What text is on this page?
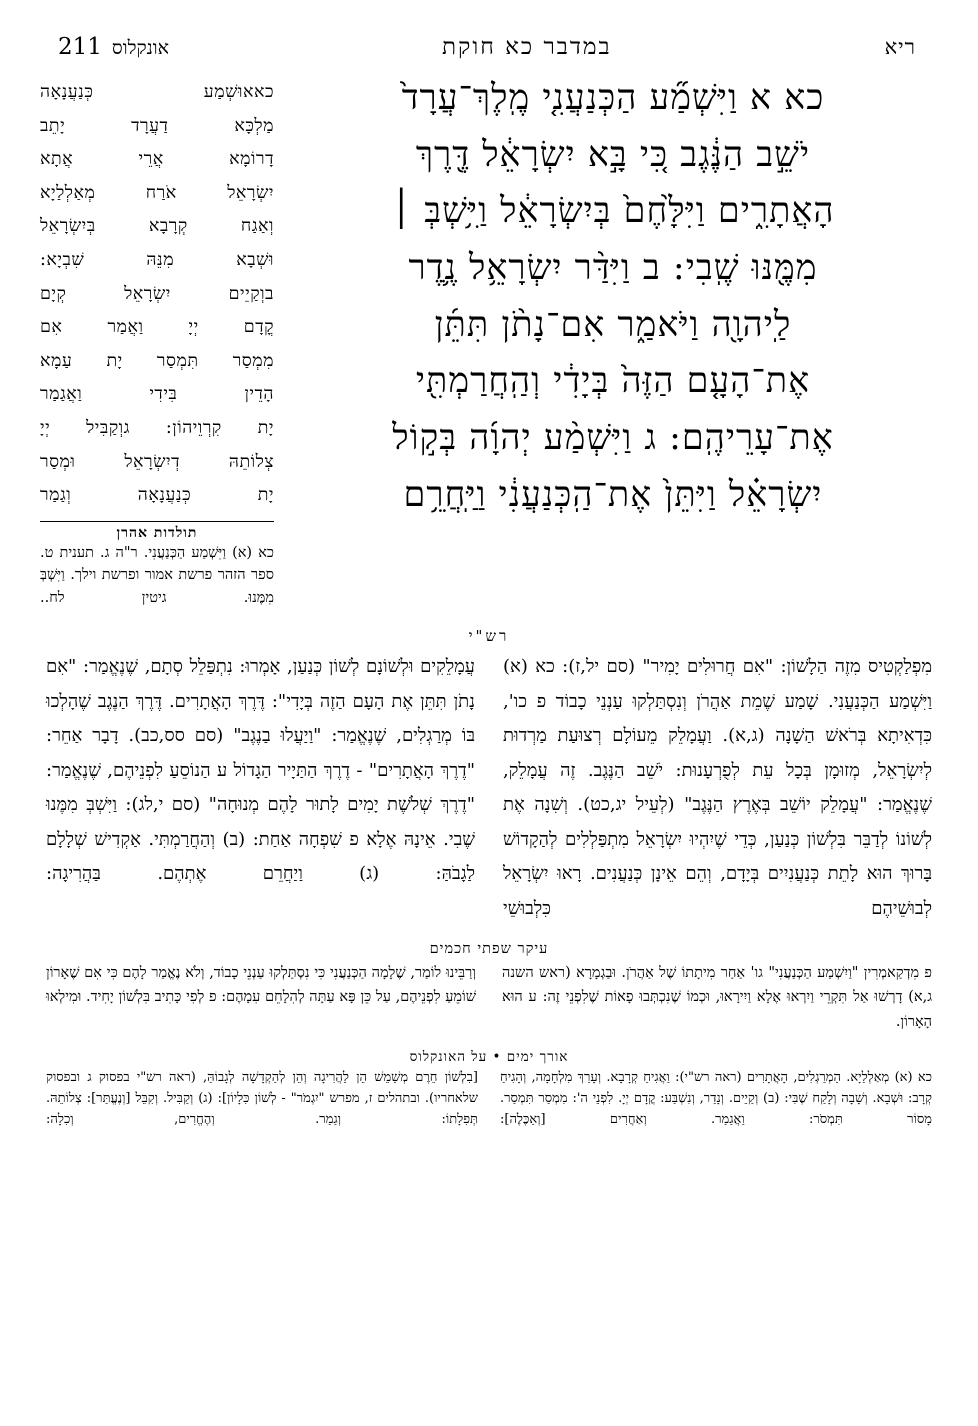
ריא
במדבר כא חוקת
אונקלוס
211
כא א וַיִּשְׁמַ֞ע הַכְּנַעֲנִ֤י מֶֽלֶךְ־עֲרָד֙
יֹשֵׁ֣ב הַנֶּ֔גֶב כִּ֚י בָּ֣א יִשְׂרָאֵ֔ל דֶּ֖רֶךְ
הָאֲתָרִ֑ים וַיִּלָּ֙חֶם֙ בְּיִשְׂרָאֵ֔ל וַיִּ֥שְׁבְּ ׀
מִמֶּ֖נּוּ שֶֽׁבִי: ב וַיִּדַּ֨ר יִשְׂרָאֵ֥ל נֶ֛דֶר
לַֽיהוָ֖ה וַיֹּאמַ֑ר אִם־נָתֹ֨ן תִּתֵּ֜ן
אֶת־הָעָ֤ם הַזֶּה֙ בְּיָדִ֔י וְהַֽחֲרַמְתִּ֖י
אֶת־עָרֵיהֶֽם: ג וַיִּשְׁמַ֨ע יְהוָ֜ה בְּק֣וֹל
יִשְׂרָאֵ֗ל וַיִּתֵּן֙ אֶת־הַֽכְּנַעֲנִ֔י וַיַּֽחֲרֵ֥ם
כאאוּשְׁמַע כְּנַעֲנָאָה
מַלְכָּא דַעֲרָד יָתֵב
דָרוֹמָא אֲרֵי אֲתָא
יִשְׂרָאֵל אֹרַח מְאַלְלַיָא
וְאַגַח קְרָבָא בְּיִשְׂרָאֵל
וּשְׁבָא מִנֵּהּ שִׁבְיָא:
בוְקַיֵים יִשְׂרָאֵל קְיָם
קֳדָם יְיָ וַאֲמַר אִם
מִמְסַר תִּמְסַר יָת עַמָא
הָדֵין בִּידִי וַאֲגַמַר
יָת קִרְוֵיהוֹן: גוְקַבִּיל יְיָ
צְלוֹתֵהּ דְיִשְׂרָאֵל וּמְסַר
יָת כְּנַעֲנָאָה וְגַמַר
תולדות אהרן
כא (א) וַיִּשְׁמַע הַכְּנַעֲנִי. ר"ה ג. תענית ט. ספר הזהר פרשת אמור ופרשת וילך. וַיִּשְׁבְּ מִמֶּנוּ. גיטין לח..
רש"י
מִפְלַקְטִיס מִזֶה הַלָשׁוֹן: "אִם חֲרוּלִים יָמִיר" (סם יל,ז): כא (א) וַיִּשְׁמַע הַכְּנַעֲנִי. שָׁמַע שֶׁמֵת אַהֲרֹן וְנִסְתַּלְקוּ עַנְנֵי כָבוֹד פ כו', כִּדְאִיתָא בְּרֹאשׁ הַשָׁנָה (ג,א). וַעֲמָלֵק מֵעוֹלָם רְצוּעַת מַרְדוּת לְיִשְׂרָאֵל, מְזוּמָן בְּכָל עֵת לְפֻרְעָנוּת: יֹשֵׁב הַנֶּגֶב. זֶה עֲמָלֵק, שֶׁנֶאֱמַר: "עֲמָלֵק יוֹשֵׁב בְּאֶרֶץ הַנֶּגֶב" (לְעֵיל יג,כט). וְשִׁנָה אֶת לְשׁוֹנוֹ לְדַבֵּר בִּלְשׁוֹן כְּנַעַן, כְּדֵי שֶׁיִהְיוּ יִשְׂרָאֵל מִתְפַּלְלִים לְהַקָדוֹשׁ בָּרוּךְ הוּא לָתֵת כְּנַעֲנִיִים בְּיָדָם, וְהֵם אֵינָן כְּנַעֲנִים. רָאוּ יִשְׂרָאֵל לְבוּשֵׁיהֶם כִּלְבוּשֵׁי
עֲמָלֵקִים וּלְשׁוֹנָם לְשׁוֹן כְּנַעַן, אָמְרוּ: נִתְפַּלֵל סְתָם, שֶׁנֶאֱמַר: "אִם נָתֹן תִּתֵּן אֶת הָעָם הַזֶה בְּיָדִי": דֶּרֶךְ הָאֲתָרִים. דֶּרֶךְ הַנֶגֶב שֶׁהָלְכוּ בּוֹ מְרַגְלִים, שֶׁנֶאֱמַר: "וַיַעֲלוּ בַנֶגֶב" (סם סס,כב). דָבָר אַחֵר: "דֶרֶךְ הָאֲתָרִים" - דֶרֶךְ הַתַּיָיר הַגָדוֹל ע הַנוֹסֵעַ לִפְנֵיהֶם, שֶׁנֶאֱמַר: "דֶרֶךְ שְׁלֹשֶׁת יָמִים לָתוּר לָהֶם מְנוּחָה" (סם י,לג): וַיִּשְׁבְּ מִמֶּנוּ שֶׁבִי. אֵינָהּ אֶלָא פ שִׁפְחָה אַחַת: (ב) וְהַחֲרַמְתִּי. אַקְדִישׁ שְׁלָלָם לַגָבֹהַּ: (ג) וַיַחֲרֵם אֶתְהֶם. בַּהֲרִיגָה:
עיקר שפתי חכמים
פ מִדְקַאמְרִין "וַיִשְׁמַע הַכְּנַעֲנִי" גו' אַחַר מִיתָתוֹ שֶׁל אַהֲרֹן. וּבַגְמָרָא (ראש השנה ג,א) דָרְשׁוּ אַל תִּקְרֵי וַיִרְאוּ אֶלָא וַיִירָאוּ, וּכְמוֹ שֶׁנִכְתְּבוּ פָאוֹת שֶׁלִפְנֵי זֶה: ע הוּא הָאָרוֹן.
וְרַבֵּינוּ לוֹמַר, שֶׁלָמָה הַכְּנַעֲנִי כִּי נִסְתַּלְקוּ עַנְנֵי כָבוֹד, וְלֹא נֶאֱמַר לָהֶם כִּי אִם שֶׁאָרוֹן שׁוֹמֵעַ לִפְנֵיהֶם, עַל כֵּן פָּא עַתָּה לְהִלָחֵם עִמָהֶם: פ לְפִי כָּתִיב בִּלְשׁוֹן יָחִיד. וּמִילְאוּ
אורך ימים • על האונקלוס
כא (א) מְאַלְלַיָא. הַמְרַגְלִים, הָאֲתָרִים (ראה רש"י): וַאֲגִיחַ קְרָבָא. וְעָרַךְ מִלְחָמָה, וְהָגִיחַ קְרָב: וּשְׁבָא. וְשָׁבָה וְלָקַח שֶׁבִּי: (ב) וְקַיֵים. וְנָדַר, וְנִשְׁבַּע: קֳדָם יְיָ. לִפְנֵי ה': מִמְסַר תִּמְסַר. מָסוֹר תִּמְסֹר: וַאֲגַמַר. וְאַחֲרִים [וְאַכֶּלֶה]:
[בִלְשׁוֹן חֵרֶם מְשַׁמֵשׁ הֵן לַהֲרִיגָה וְהֵן לְהַקְדָשָׁה לְגָבוֹהַּ, (ראה רש"י בפסוק ג ובפסוק שלאחריו). ובתהלים ז, מפרש "יִגְמֹר" - לְשׁוֹן כִּלָיוֹן]: (ג) וְקַבִּיל. וְקִבֵּל [וְנֶעֱתַּר]: צְלוֹתֵהּ. תְּפִלָתוֹ: וְגַמַר. וְהֶחֱרִים, וְכִלָה:
